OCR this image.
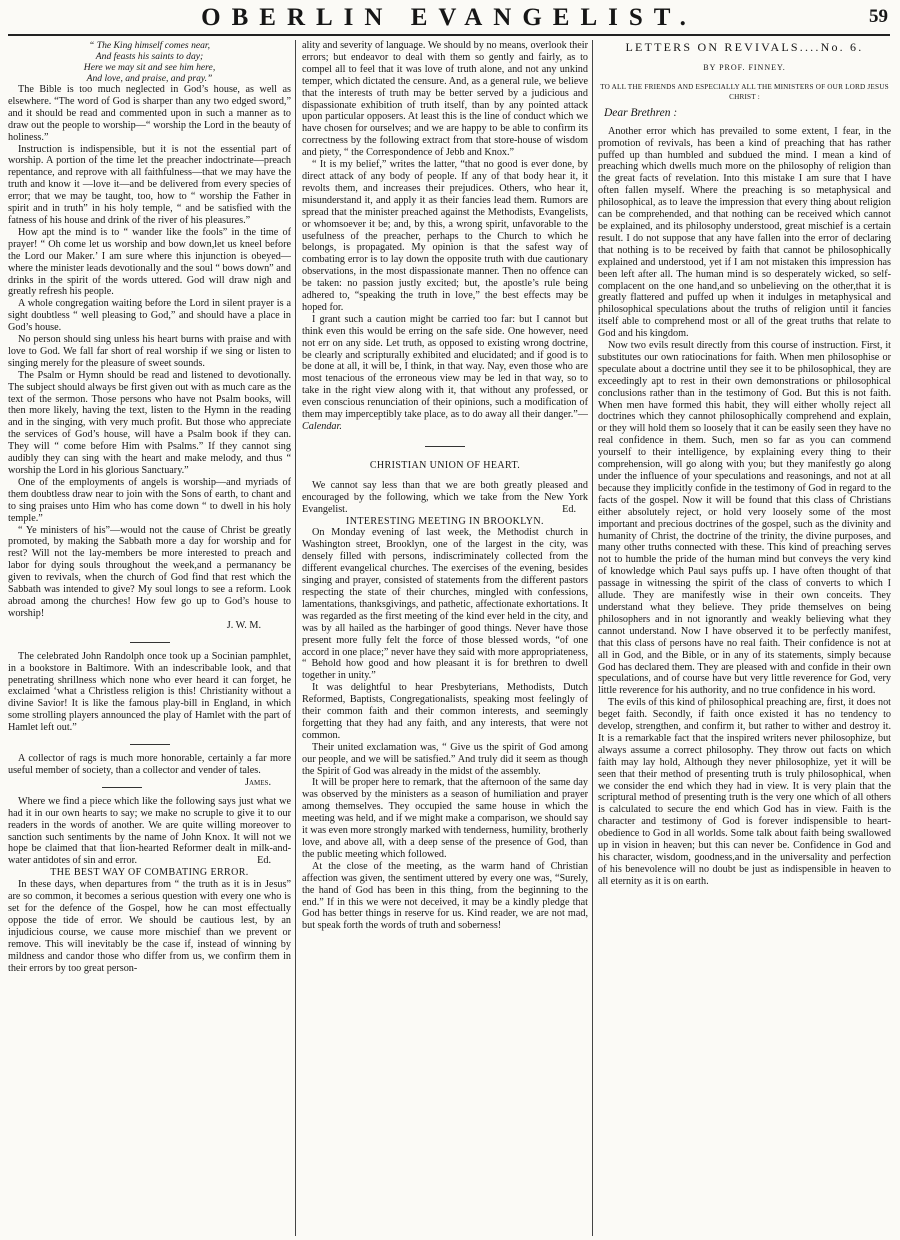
OBERLIN EVANGELIST.	59
“ The King himself comes near,
And feasts his saints to day;
Here we may sit and see him here,
And love, and praise, and pray.”

The Bible is too much neglected in God’s house, as well as elsewhere. “The word of God is sharper than any two edged sword,” and it should be read and commented upon in such a manner as to draw out the people to worship—“ worship the Lord in the beauty of holiness.”

Instruction is indispensible, but it is not the essential part of worship. A portion of the time let the preacher indoctrinate—preach repentance, and reprove with all faithfulness—that we may have the truth and know it —love it—and be delivered from every species of error; that we may be taught, too, how to “ worship the Father in spirit and in truth” in his holy temple, “ and be satisfied with the fatness of his house and drink of the river of his pleasures.”

How apt the mind is to “ wander like the fools” in the time of prayer! “ Oh come let us worship and bow down,let us kneel before the Lord our Maker.’ I am sure where this injunction is obeyed—where the minister leads devotionally and the soul “ bows down” and drinks in the spirit of the words uttered. God will draw nigh and greatly refresh his people.

A whole congregation waiting before the Lord in silent prayer is a sight doubtless “ well pleasing to God,” and should have a place in God’s house.

No person should sing unless his heart burns with praise and with love to God. We fall far short of real worship if we sing or listen to singing merely for the pleasure of sweet sounds.

The Psalm or Hymn should be read and listened to devotionally. The subject should always be first given out with as much care as the text of the sermon. Those persons who have not Psalm books, will then more likely, having the text, listen to the Hymn in the reading and in the singing, with very much profit. But those who appreciate the services of God’s house, will have a Psalm book if they can. They will “ come before Him with Psalms.” If they cannot sing audibly they can sing with the heart and make melody, and thus “ worship the Lord in his glorious Sanctuary.”

One of the employments of angels is worship—and myriads of them doubtless draw near to join with the Sons of earth, to chant and to sing praises unto Him who has come down “ to dwell in his holy temple.”

“ Ye ministers of his”—would not the cause of Christ be greatly promoted, by making the Sabbath more a day for worship and for rest? Will not the lay-members be more interested to preach and labor for dying souls throughout the week,and a permanancy be given to revivals, when the church of God find that rest which the Sabbath was intended to give? My soul longs to see a reform. Look abroad among the churches! How few go up to God’s house to worship!

J. W. M.

The celebrated John Randolph once took up a Socinian pamphlet, in a bookstore in Baltimore. With an indescribable look, and that penetrating shrillness which none who ever heard it can forget, he exclaimed ‘what a Christless religion is this! Christianity without a divine Savior! It is like the famous play-bill in England, in which some strolling players announced the play of Hamlet with the part of Hamlet left out.”

A collector of rags is much more honorable, certainly a far more useful member of society, than a collector and vender of tales.
James.

Where we find a piece which like the following says just what we had it in our own hearts to say; we make no scruple to give it to our readers in the words of another. We are quite willing moreover to sanction such sentiments by the name of John Knox. It will not we hope be claimed that that lion-hearted Reformer dealt in milk-and-water antidotes of sin and error.	Ed.

THE BEST WAY OF COMBATING ERROR.

In these days, when departures from “ the truth as it is in Jesus” are so common, it becomes a serious question with every one who is set for the defence of the Gospel, how he can most effectually oppose the tide of error. We should be cautious lest, by an injudicious course, we cause more mischief than we prevent or remove. This will inevitably be the case if, instead of winning by mildness and candor those who differ from us, we confirm them in their errors by too great person-

ality and severity of language. We should by no means, overlook their errors; but endeavor to deal with them so gently and fairly, as to compel all to feel that it was love of truth alone, and not any unkind temper, which dictated the censure. And, as a general rule, we believe that the interests of truth may be better served by a judicious and dispassionate exhibition of truth itself, than by any pointed attack upon particular opposers. At least this is the line of conduct which we have chosen for ourselves; and we are happy to be able to confirm its correctness by the following extract from that store-house of wisdom and piety, “ the Correspondence of Jebb and Knox.”

“ It is my belief,” writes the latter, “that no good is ever done, by direct attack of any body of people. If any of that body hear it, it revolts them, and increases their prejudices. Others, who hear it, misunderstand it, and apply it as their fancies lead them. Rumors are spread that the minister preached against the Methodists, Evangelists, or whomsoever it be; and, by this, a wrong spirit, unfavorable to the usefulness of the preacher, perhaps to the Church to which he belongs, is propagated. My opinion is that the safest way of combating error is to lay down the opposite truth with due cautionary observations, in the most dispassionate manner. Then no offence can be taken: no passion justly excited; but, the apostle’s rule being adhered to, “speaking the truth in love,” the best effects may be hoped for.

I grant such a caution might be carried too far: but I cannot but think even this would be erring on the safe side. One however, need not err on any side. Let truth, as opposed to existing wrong doctrine, be clearly and scripturally exhibited and elucidated; and if good is to be done at all, it will be, I think, in that way. Nay, even those who are most tenacious of the erroneous view may be led in that way, so to take in the right view along with it, that without any professed, or even conscious renunciation of their opinions, such a modification of them may imperceptibly take place, as to do away all their danger.”—Calendar.

CHRISTIAN UNION OF HEART.

We cannot say less than that we are both greatly pleased and encouraged by the following, which we take from the New York Evangelist.	Ed.

INTERESTING MEETING IN BROOKLYN.

On Monday evening of last week, the Methodist church in Washington street, Brooklyn, one of the largest in the city, was densely filled with persons, indiscriminately collected from the different evangelical churches. The exercises of the evening, besides singing and prayer, consisted of statements from the different pastors respecting the state of their churches, mingled with confessions, lamentations, thanksgivings, and pathetic, affectionate exhortations. It was regarded as the first meeting of the kind ever held in the city, and was by all hailed as the harbinger of good things. Never have those present more fully felt the force of those blessed words, “of one accord in one place;” never have they said with more appropriateness, “ Behold how good and how pleasant it is for brethren to dwell together in unity.”

It was delightful to hear Presbyterians, Methodists, Dutch Reformed, Baptists, Congregationalists, speaking most feelingly of their common faith and their common interests, and seemingly forgetting that they had any faith, and any interests, that were not common.

Their united exclamation was, “ Give us the spirit of God among our people, and we will be satisfied.” And truly did it seem as though the Spirit of God was already in the midst of the assembly.

It will be proper here to remark, that the afternoon of the same day was observed by the ministers as a season of humiliation and prayer among themselves. They occupied the same house in which the meeting was held, and if we might make a comparison, we should say it was even more strongly marked with tenderness, humility, brotherly love, and above all, with a deep sense of the presence of God, than the public meeting which followed.

At the close of the meeting, as the warm hand of Christian affection was given, the sentiment uttered by every one was, “Surely, the hand of God has been in this thing, from the beginning to the end.” If in this we were not deceived, it may be a kindly pledge that God has better things in reserve for us. Kind reader, we are not mad, but speak forth the words of truth and soberness!

LETTERS ON REVIVALS....No. 6.
BY PROF. FINNEY.
TO ALL THE FRIENDS AND ESPECIALLY ALL THE MINISTERS OF OUR LORD JESUS CHRIST :
Dear Brethren :

Another error which has prevailed to some extent, I fear, in the promotion of revivals, has been a kind of preaching that has rather puffed up than humbled and subdued the mind. I mean a kind of preaching which dwells much more on the philosophy of religion than the great facts of revelation. Into this mistake I am sure that I have often fallen myself. Where the preaching is so metaphysical and philosophical, as to leave the impression that every thing about religion can be comprehended, and that nothing can be received which cannot be explained, and its philosophy understood, great mischief is a certain result. I do not suppose that any have fallen into the error of declaring that nothing is to be received by faith that cannot be philosophically explained and understood, yet if I am not mistaken this impression has been left after all. The human mind is so desperately wicked, so self-complacent on the one hand,and so unbelieving on the other,that it is greatly flattered and puffed up when it indulges in metaphysical and philosophical speculations about the truths of religion until it fancies itself able to comprehend most or all of the great truths that relate to God and his kingdom.

Now two evils result directly from this course of instruction. First, it substitutes our own ratiocinations for faith. When men philosophise or speculate about a doctrine until they see it to be philosophical, they are exceedingly apt to rest in their own demonstrations or philosophical conclusions rather than in the testimony of God. But this is not faith. When men have formed this habit, they will either wholly reject all doctrines which they cannot philosophically comprehend and explain, or they will hold them so loosely that it can be easily seen they have no real confidence in them. Such, men so far as you can commend yourself to their intelligence, by explaining every thing to their comprehension, will go along with you; but they manifestly go along under the influence of your speculations and reasonings, and not at all because they implicitly confide in the testimony of God in regard to the facts of the gospel. Now it will be found that this class of Christians either absolutely reject, or hold very loosely some of the most important and precious doctrines of the gospel, such as the divinity and humanity of Christ, the doctrine of the trinity, the divine purposes, and many other truths connected with these. This kind of preaching serves not to humble the pride of the human mind but conveys the very kind of knowledge which Paul says puffs up. I have often thought of that passage in witnessing the spirit of the class of converts to which I allude. They are manifestly wise in their own conceits. They understand what they believe. They pride themselves on being philosophers and in not ignorantly and weakly believing what they cannot understand. Now I have observed it to be perfectly manifest, that this class of persons have no real faith. Their confidence is not at all in God, and the Bible, or in any of its statements, simply because God has declared them. They are pleased with and confide in their own speculations, and of course have but very little reverence for God, very little reverence for his authority, and no true confidence in his word.

The evils of this kind of philosophical preaching are, first, it does not beget faith. Secondly, if faith once existed it has no tendency to develop, strengthen, and confirm it, but rather to wither and destroy it. It is a remarkable fact that the inspired writers never philosophize, but always assume a correct philosophy. They throw out facts on which faith may lay hold, Although they never philosophize, yet it will be seen that their method of presenting truth is truly philosophical, when we consider the end which they had in view. It is very plain that the scriptural method of presenting truth is the very one which of all others is calculated to secure the end which God has in view. Faith is the character and testimony of God is forever indispensible to heart-obedience to God in all worlds. Some talk about faith being swallowed up in vision in heaven; but this can never be. Confidence in God and his character, wisdom, goodness,and in the universality and perfection of his benevolence will no doubt be just as indispensible in heaven to all eternity as it is on earth.
